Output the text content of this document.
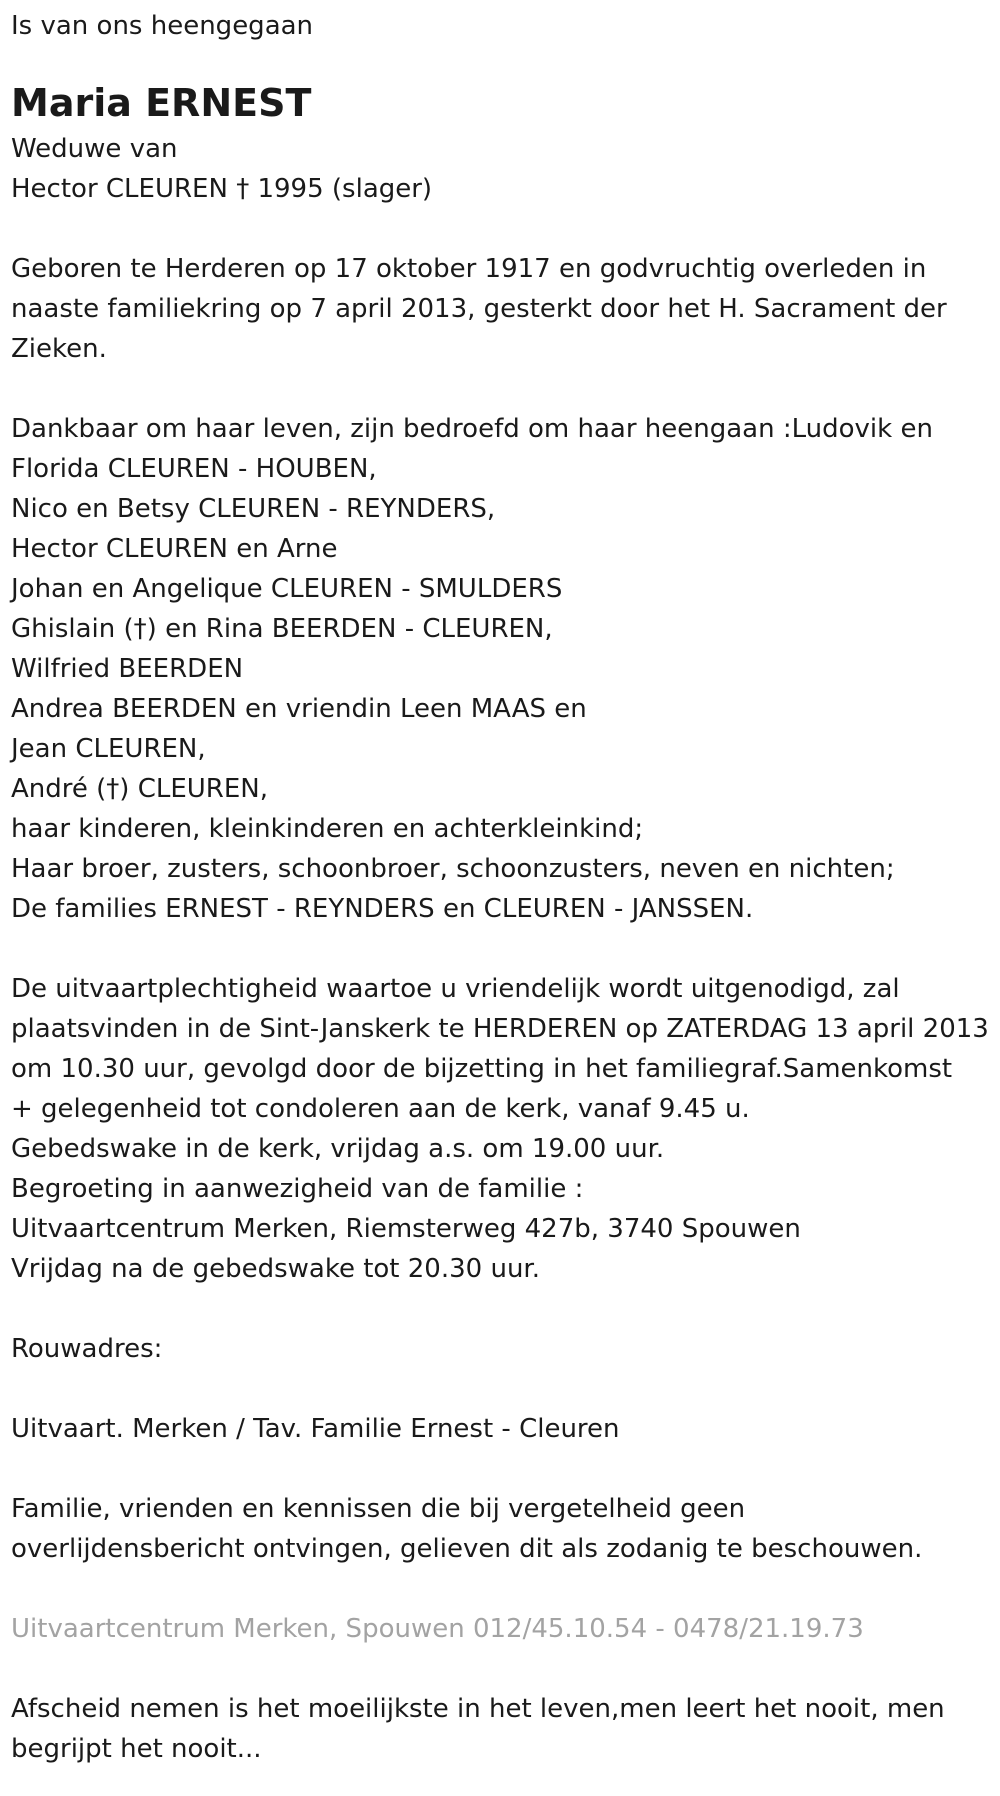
Is van ons heengegaan
Maria ERNEST
Weduwe van
Hector CLEUREN † 1995 (slager)
Geboren te Herderen op 17 oktober 1917 en godvruchtig overleden in
naaste familiekring op 7 april 2013, gesterkt door het H. Sacrament der
Zieken.
Dankbaar om haar leven, zijn bedroefd om haar heengaan :Ludovik en
Florida CLEUREN - HOUBEN,
Nico en Betsy CLEUREN - REYNDERS,
Hector CLEUREN en Arne
Johan en Angelique CLEUREN - SMULDERS
Ghislain (†) en Rina BEERDEN - CLEUREN,
Wilfried BEERDEN
Andrea BEERDEN en vriendin Leen MAAS en
Jean CLEUREN,
André (†) CLEUREN,
haar kinderen, kleinkinderen en achterkleinkind;
Haar broer, zusters, schoonbroer, schoonzusters, neven en nichten;
De families ERNEST - REYNDERS en CLEUREN - JANSSEN.
De uitvaartplechtigheid waartoe u vriendelijk wordt uitgenodigd, zal
plaatsvinden in de Sint-Janskerk te HERDEREN op ZATERDAG 13 april 2013
om 10.30 uur, gevolgd door de bijzetting in het familiegraf.Samenkomst
+ gelegenheid tot condoleren aan de kerk, vanaf 9.45 u.
Gebedswake in de kerk, vrijdag a.s. om 19.00 uur.
Begroeting in aanwezigheid van de familie :
Uitvaartcentrum Merken, Riemsterweg 427b, 3740 Spouwen
Vrijdag na de gebedswake tot 20.30 uur.
Rouwadres:
Uitvaart. Merken / Tav. Familie Ernest - Cleuren
Familie, vrienden en kennissen die bij vergetelheid geen
overlijdensbericht ontvingen, gelieven dit als zodanig te beschouwen.
Uitvaartcentrum Merken, Spouwen 012/45.10.54 - 0478/21.19.73
Afscheid nemen is het moeilijkste in het leven,men leert het nooit, men
begrijpt het nooit...
